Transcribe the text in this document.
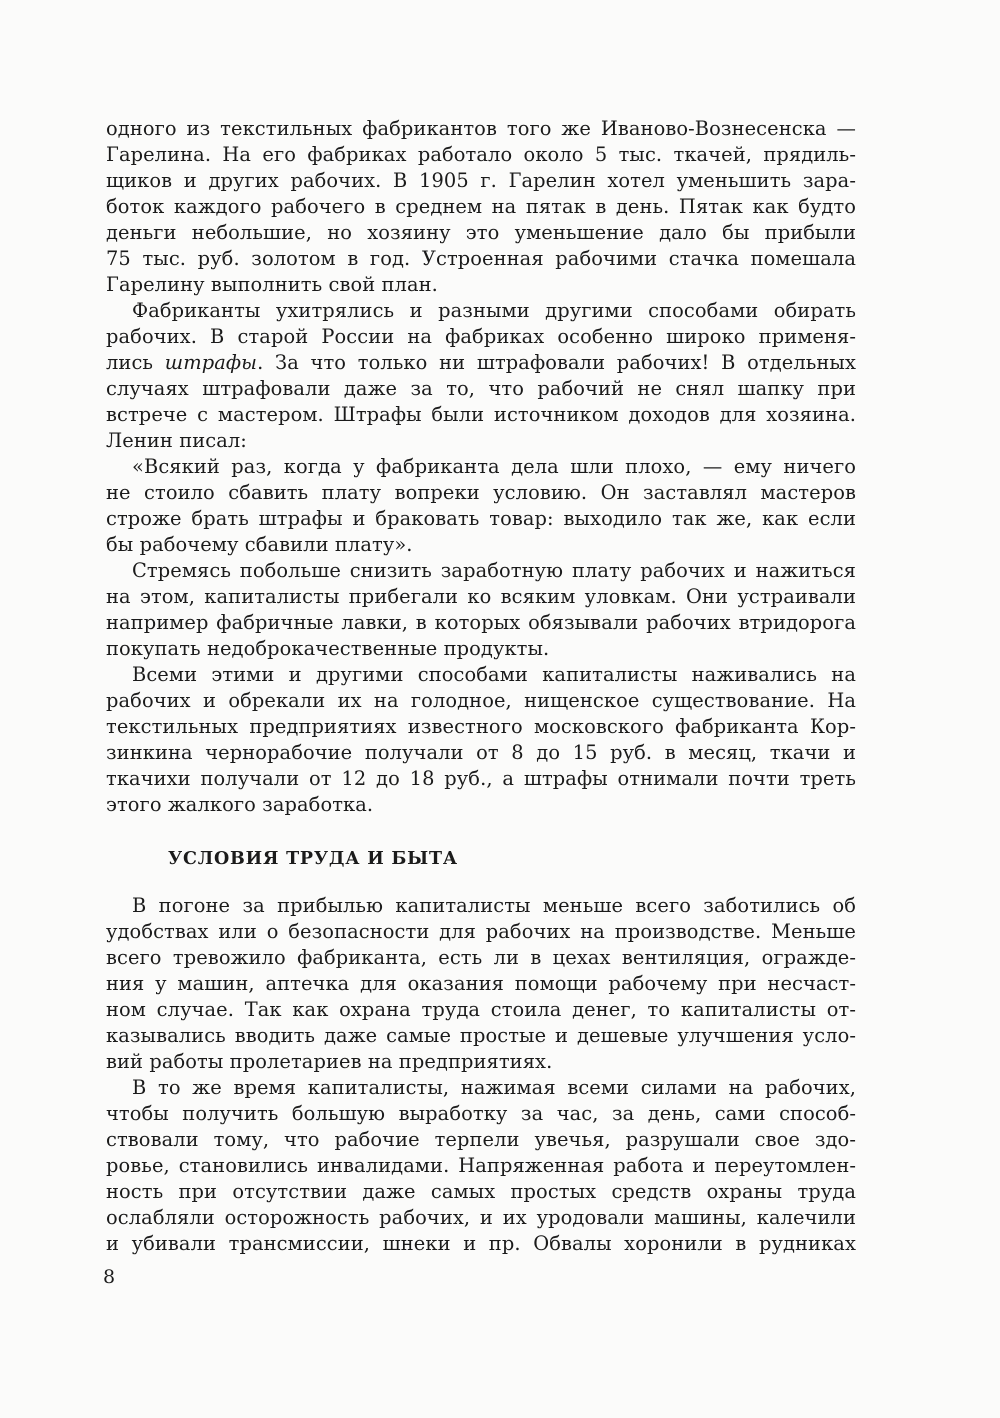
одного из текстильных фабрикантов того же Иваново-Вознесенска —
Гарелина. На его фабриках работало около 5 тыс. ткачей, прядиль-
щиков и других рабочих. В 1905 г. Гарелин хотел уменьшить зара-
боток каждого рабочего в среднем на пятак в день. Пятак как будто
деньги небольшие, но хозяину это уменьшение дало бы прибыли
75 тыс. руб. золотом в год. Устроенная рабочими стачка помешала
Гарелину выполнить свой план.
Фабриканты ухитрялись и разными другими способами обирать
рабочих. В старой России на фабриках особенно широко применя-
лись штрафы. За что только ни штрафовали рабочих! В отдельных
случаях штрафовали даже за то, что рабочий не снял шапку при
встрече с мастером. Штрафы были источником доходов для хозяина.
Ленин писал:
«Всякий раз, когда у фабриканта дела шли плохо, — ему ничего
не стоило сбавить плату вопреки условию. Он заставлял мастеров
строже брать штрафы и браковать товар: выходило так же, как если
бы рабочему сбавили плату».
Стремясь побольше снизить заработную плату рабочих и нажиться
на этом, капиталисты прибегали ко всяким уловкам. Они устраивали
например фабричные лавки, в которых обязывали рабочих втридорога
покупать недоброкачественные продукты.
Всеми этими и другими способами капиталисты наживались на
рабочих и обрекали их на голодное, нищенское существование. На
текстильных предприятиях известного московского фабриканта Кор-
зинкина чернорабочие получали от 8 до 15 руб. в месяц, ткачи и
ткачихи получали от 12 до 18 руб., а штрафы отнимали почти треть
этого жалкого заработка.
УСЛОВИЯ ТРУДА И БЫТА
В погоне за прибылью капиталисты меньше всего заботились об
удобствах или о безопасности для рабочих на производстве. Меньше
всего тревожило фабриканта, есть ли в цехах вентиляция, огражде-
ния у машин, аптечка для оказания помощи рабочему при несчаст-
ном случае. Так как охрана труда стоила денег, то капиталисты от-
казывались вводить даже самые простые и дешевые улучшения усло-
вий работы пролетариев на предприятиях.
В то же время капиталисты, нажимая всеми силами на рабочих,
чтобы получить большую выработку за час, за день, сами способ-
ствовали тому, что рабочие терпели увечья, разрушали свое здо-
ровье, становились инвалидами. Напряженная работа и переутомлен-
ность при отсутствии даже самых простых средств охраны труда
ослабляли осторожность рабочих, и их уродовали машины, калечили
и убивали трансмиссии, шнеки и пр. Обвалы хоронили в рудниках
8
